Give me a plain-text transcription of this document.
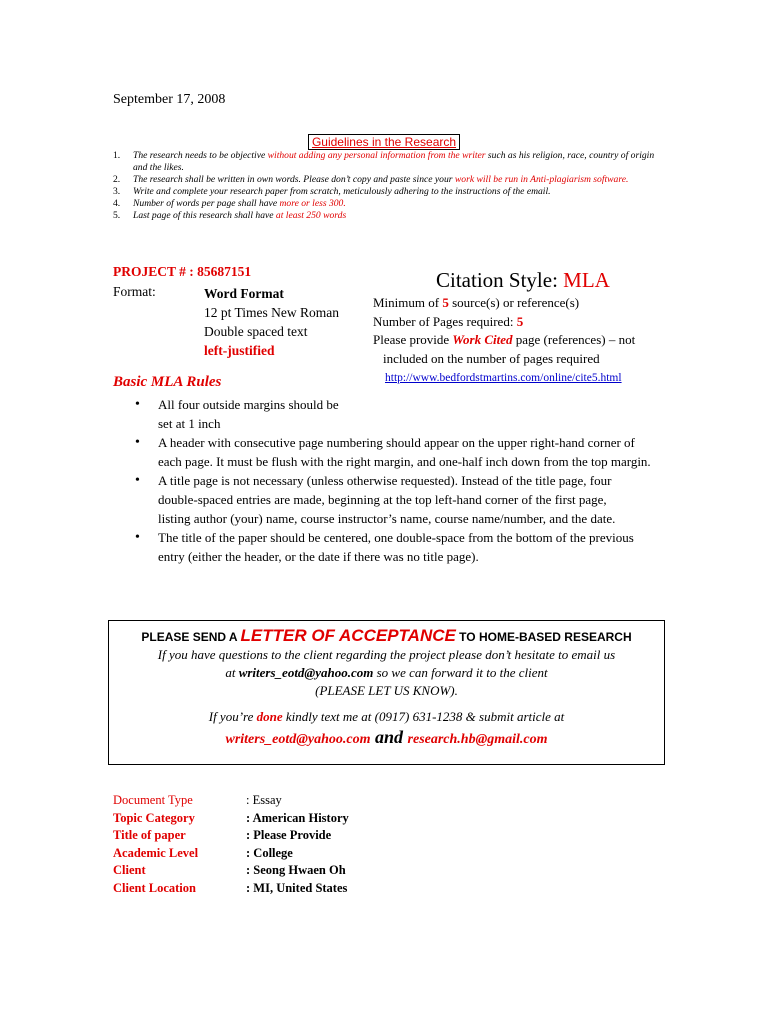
September 17, 2008
Guidelines in the Research
1. The research needs to be objective without adding any personal information from the writer such as his religion, race, country of origin and the likes.
2. The research shall be written in own words. Please don’t copy and paste since your work will be run in Anti-plagiarism software.
3. Write and complete your research paper from scratch, meticulously adhering to the instructions of the email.
4. Number of words per page shall have more or less 300.
5. Last page of this research shall have at least 250 words
PROJECT # : 85687151
Format:	Word Format
12 pt Times New Roman
Double spaced text
left-justified
Citation Style: MLA
Minimum of 5 source(s) or reference(s)
Number of Pages required: 5
Please provide Work Cited page (references) – not
included on the number of pages required
http://www.bedfordstmartins.com/online/cite5.html
Basic MLA Rules
• All four outside margins should be set at 1 inch
• A header with consecutive page numbering should appear on the upper right-hand corner of each page. It must be flush with the right margin, and one-half inch down from the top margin.
• A title page is not necessary (unless otherwise requested). Instead of the title page, four double-spaced entries are made, beginning at the top left-hand corner of the first page, listing author (your) name, course instructor’s name, course name/number, and the date.
• The title of the paper should be centered, one double-space from the bottom of the previous entry (either the header, or the date if there was no title page).
PLEASE SEND A LETTER OF ACCEPTANCE TO HOME-BASED RESEARCH
If you have questions to the client regarding the project please don’t hesitate to email us
at writers_eotd@yahoo.com so we can forward it to the client
(PLEASE LET US KNOW).
If you’re done kindly text me at (0917) 631-1238 & submit article at
writers_eotd@yahoo.com and research.hb@gmail.com
Document Type	: Essay
Topic Category	: American History
Title of paper	: Please Provide
Academic Level	: College
Client	: Seong Hwaen Oh
Client Location	: MI, United States
